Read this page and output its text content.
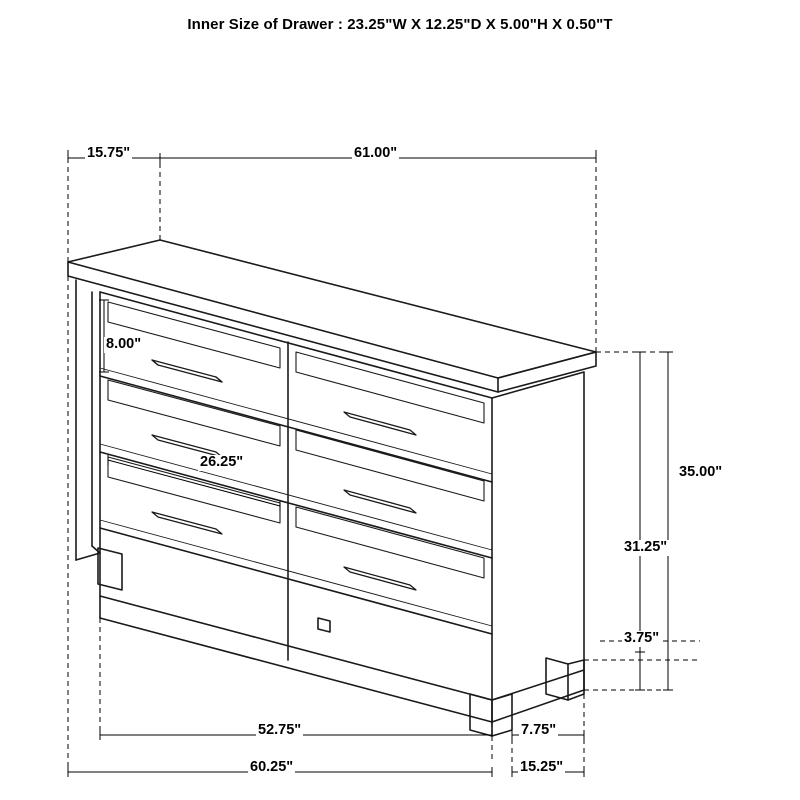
Inner Size of Drawer : 23.25"W X 12.25"D X 5.00"H X 0.50"T
15.75"	61.00"
8.00"
26.25"
35.00"
31.25"
3.75"
52.75"	7.75"
60.25"	15.25"
